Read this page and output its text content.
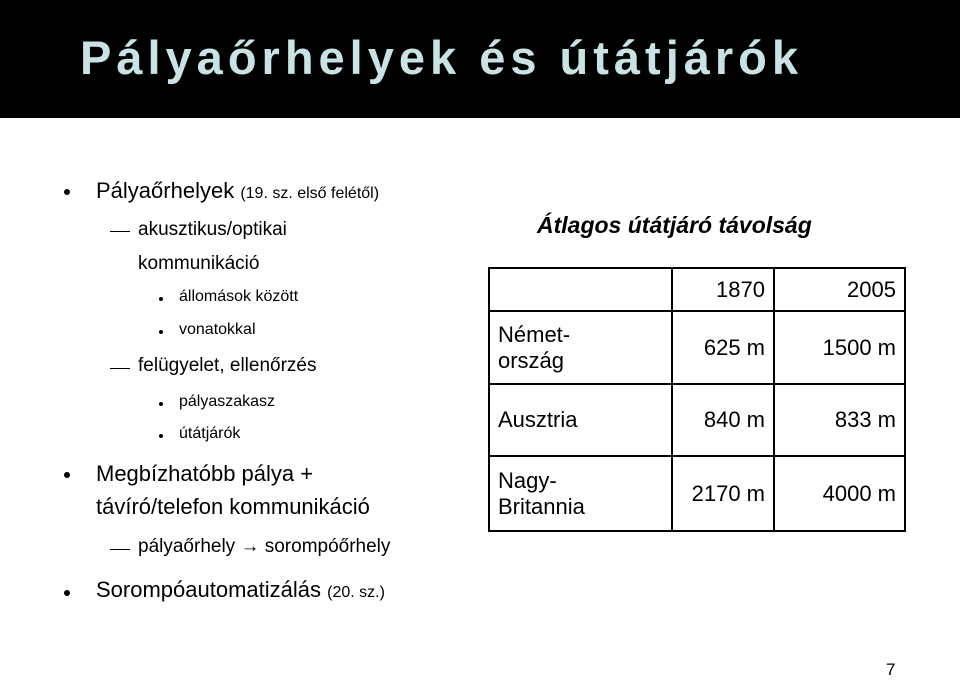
Pályaőrhelyek és útátjárók
Pályaőrhelyek (19. sz. első felétől)
akusztikus/optikai
kommunikáció
állomások között
vonatokkal
felügyelet, ellenőrzés
pályaszakasz
útátjárók
Megbízhatóbb pálya +
távíró/telefon kommunikáció
pályaőrhely → sorompóőrhely
Sorompóautomatizálás (20. sz.)
Átlagos útátjáró távolság
	1870	2005

Német-
ország	625 m	1500 m

Ausztria	840 m	833 m

Nagy-
Britannia	2170 m	4000 m
7
